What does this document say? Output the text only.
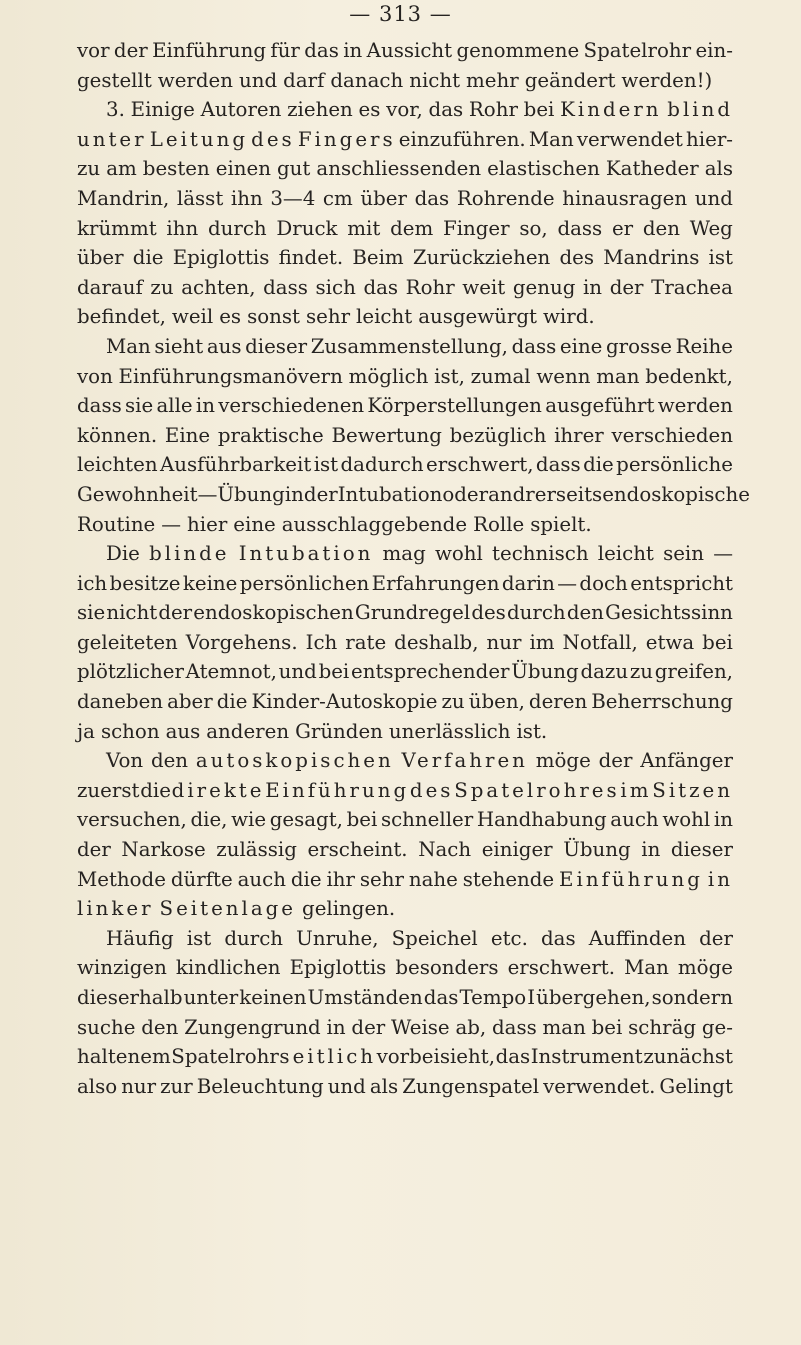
— 313 —
vor der Einführung für das in Aussicht genommene Spatelrohr ein-
gestellt werden und darf danach nicht mehr geändert werden!)
3. Einige Autoren ziehen es vor, das Rohr bei Kindern blind
unter Leitung des Fingers einzuführen. Man verwendet hier-
zu am besten einen gut anschliessenden elastischen Katheder als
Mandrin, lässt ihn 3—4 cm über das Rohrende hinausragen und
krümmt ihn durch Druck mit dem Finger so, dass er den Weg
über die Epiglottis findet. Beim Zurückziehen des Mandrins ist
darauf zu achten, dass sich das Rohr weit genug in der Trachea
befindet, weil es sonst sehr leicht ausgewürgt wird.
Man sieht aus dieser Zusammenstellung, dass eine grosse Reihe
von Einführungsmanövern möglich ist, zumal wenn man bedenkt,
dass sie alle in verschiedenen Körperstellungen ausgeführt werden
können. Eine praktische Bewertung bezüglich ihrer verschieden
leichten Ausführbarkeit ist dadurch erschwert, dass die persönliche
Gewohnheit — Übung in der Intubation oder andrerseits endoskopische
Routine — hier eine ausschlaggebende Rolle spielt.
Die blinde Intubation mag wohl technisch leicht sein —
ich besitze keine persönlichen Erfahrungen darin — doch entspricht
sie nicht der endoskopischen Grundregel des durch den Gesichtssinn
geleiteten Vorgehens. Ich rate deshalb, nur im Notfall, etwa bei
plötzlicher Atemnot, und bei entsprechender Übung dazu zu greifen,
daneben aber die Kinder-Autoskopie zu üben, deren Beherrschung
ja schon aus anderen Gründen unerlässlich ist.
Von den autoskopischen Verfahren möge der Anfänger
zuerst die direkte Einführung des Spatelrohres im Sitzen
versuchen, die, wie gesagt, bei schneller Handhabung auch wohl in
der Narkose zulässig erscheint. Nach einiger Übung in dieser
Methode dürfte auch die ihr sehr nahe stehende Einführung in
linker Seitenlage gelingen.
Häufig ist durch Unruhe, Speichel etc. das Auffinden der
winzigen kindlichen Epiglottis besonders erschwert. Man möge
dieserhalb unter keinen Umständen das Tempo I übergehen, sondern
suche den Zungengrund in der Weise ab, dass man bei schräg ge-
haltenem Spatelrohr seitlich vorbeisieht, das Instrument zunächst
also nur zur Beleuchtung und als Zungenspatel verwendet. Gelingt
